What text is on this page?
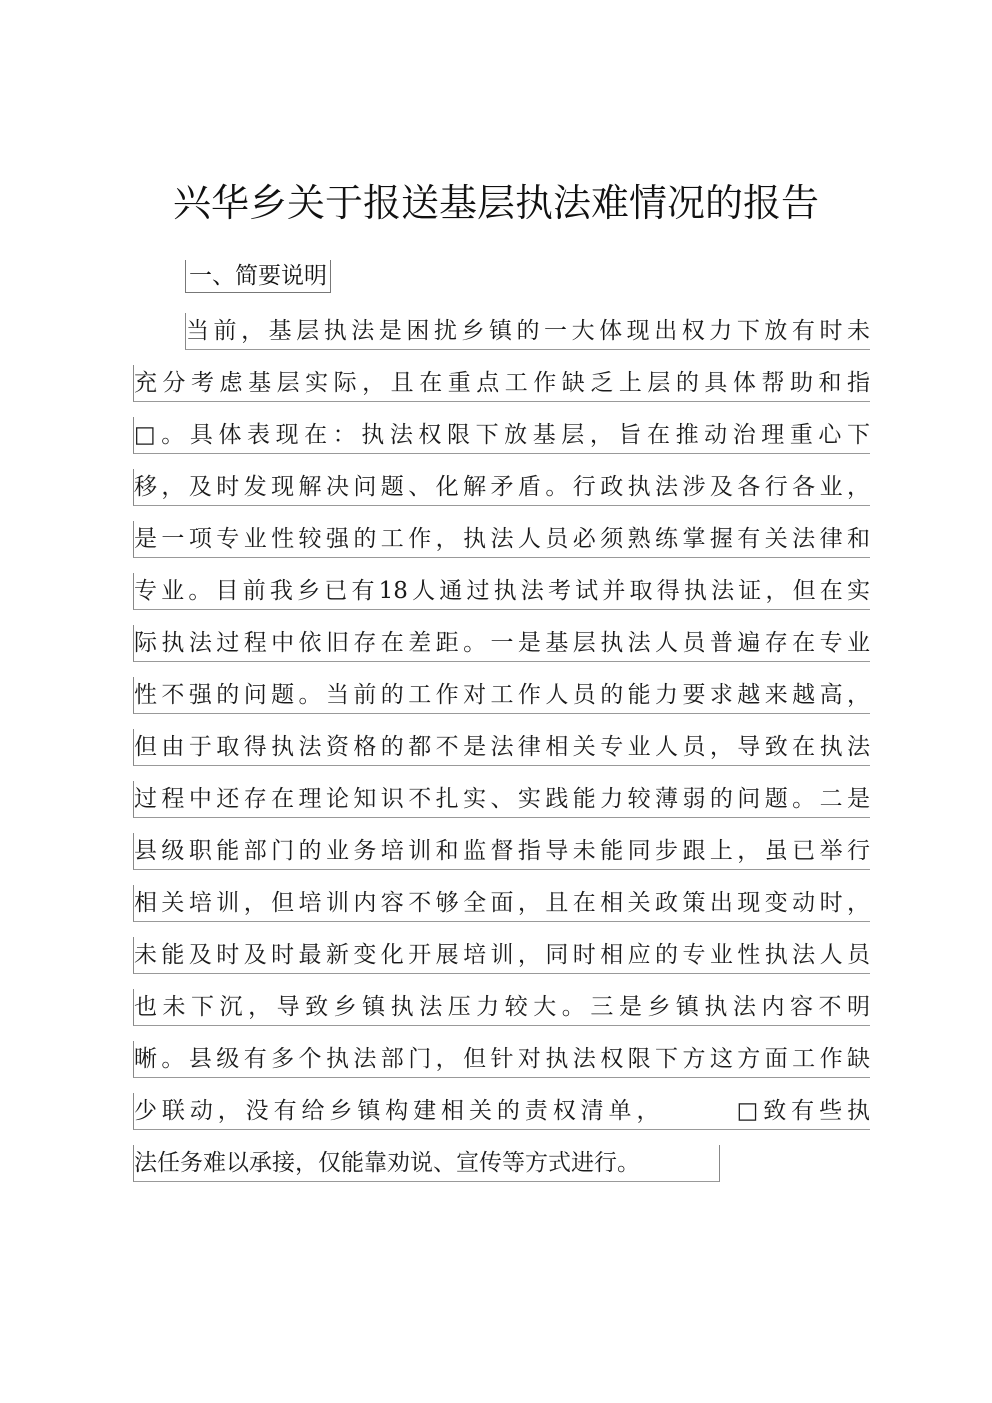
兴华乡关于报送基层执法难情况的报告
一、简要说明
当前，基层执法是困扰乡镇的一大体现出权力下放有时未
充分考虑基层实际，且在重点工作缺乏上层的具体帮助和指
□。具体表现在：执法权限下放基层，旨在推动治理重心下
移，及时发现解决问题、化解矛盾。行政执法涉及各行各业，
是一项专业性较强的工作，执法人员必须熟练掌握有关法律和
专业。目前我乡已有18人通过执法考试并取得执法证，但在实
际执法过程中依旧存在差距。一是基层执法人员普遍存在专业
性不强的问题。当前的工作对工作人员的能力要求越来越高，
但由于取得执法资格的都不是法律相关专业人员，导致在执法
过程中还存在理论知识不扎实、实践能力较薄弱的问题。二是
县级职能部门的业务培训和监督指导未能同步跟上，虽已举行
相关培训，但培训内容不够全面，且在相关政策出现变动时，
未能及时及时最新变化开展培训，同时相应的专业性执法人员
也未下沉，导致乡镇执法压力较大。三是乡镇执法内容不明
晰。县级有多个执法部门，但针对执法权限下方这方面工作缺
少联动，没有给乡镇构建相关的责权清单，　　　□致有些执
法任务难以承接，仅能靠劝说、宣传等方式进行。
